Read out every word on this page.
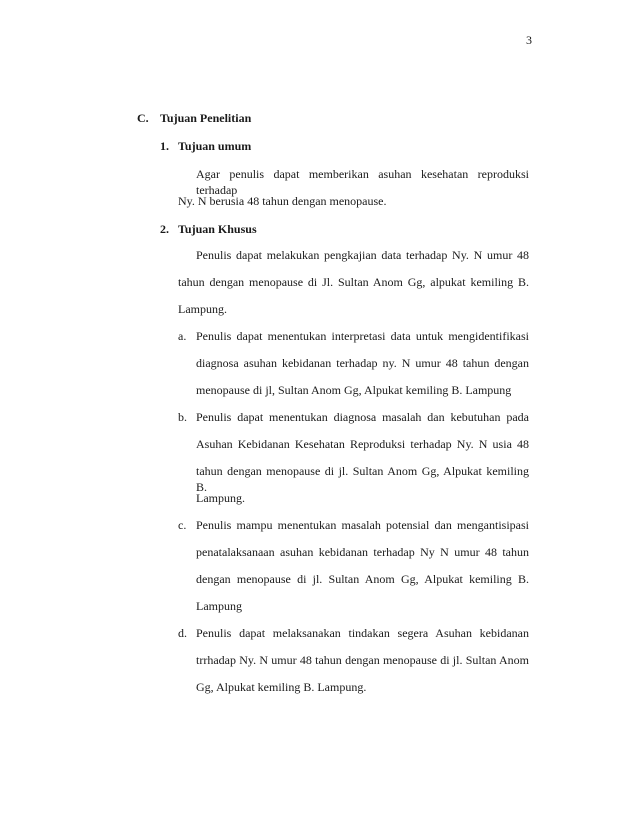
3
C. Tujuan Penelitian
1. Tujuan umum
Agar penulis dapat memberikan asuhan kesehatan reproduksi terhadap
Ny. N berusia 48 tahun dengan menopause.
2. Tujuan Khusus
Penulis dapat melakukan pengkajian data terhadap Ny. N umur 48
tahun dengan menopause di Jl. Sultan Anom Gg, alpukat kemiling B.
Lampung.
a. Penulis dapat menentukan interpretasi data untuk mengidentifikasi
diagnosa asuhan kebidanan terhadap ny. N umur 48 tahun dengan
menopause di jl, Sultan Anom Gg, Alpukat kemiling B. Lampung
b. Penulis dapat menentukan diagnosa masalah dan kebutuhan pada
Asuhan Kebidanan Kesehatan Reproduksi terhadap Ny. N usia 48
tahun dengan menopause di jl. Sultan Anom Gg, Alpukat kemiling B.
Lampung.
c. Penulis mampu menentukan masalah potensial dan mengantisipasi
penatalaksanaan asuhan kebidanan terhadap Ny N umur 48 tahun
dengan menopause di jl. Sultan Anom Gg, Alpukat kemiling B.
Lampung
d. Penulis dapat melaksanakan tindakan segera Asuhan kebidanan
trrhadap Ny. N umur 48 tahun dengan menopause di jl. Sultan Anom
Gg, Alpukat kemiling B. Lampung.
